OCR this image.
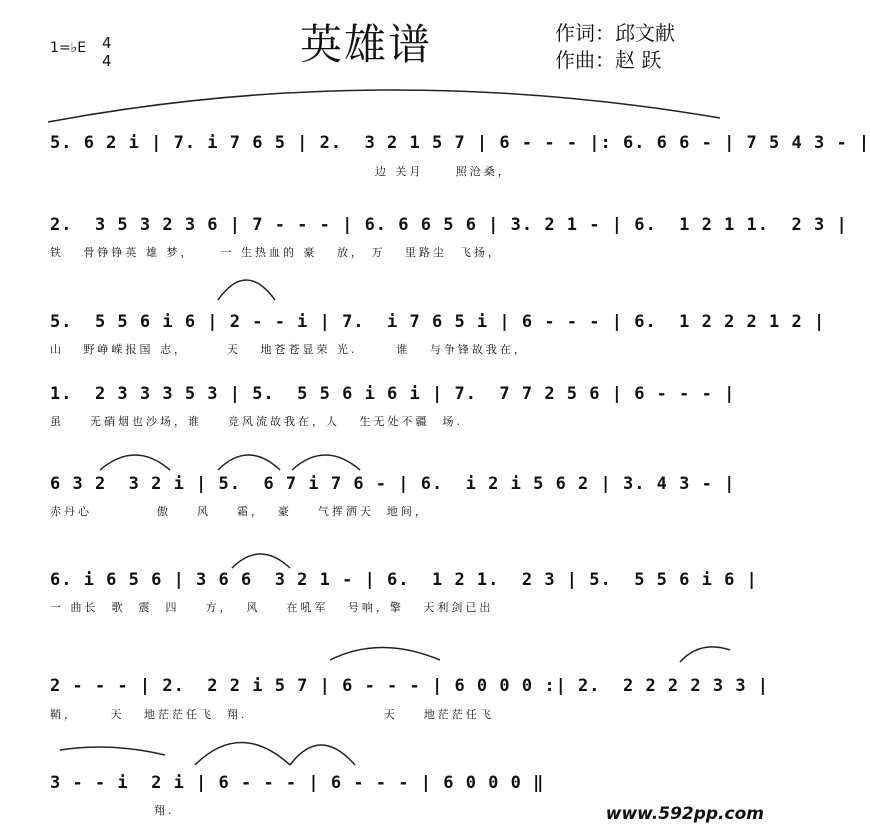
英雄谱	作词：邱文献
作曲：赵 跃
1=♭E 4
4
5. 6 2 i | 7. i 7 6 5 | 2.  3 2 1 5 7 | 6 - - - |: 6. 6 6 - | 7 5 4 3 - |
边 关月     照沧桑，
2.  3 5 3 2 3 6 | 7 - - - | 6. 6 6 5 6 | 3. 2 1 - | 6.  1 2 1 1.  2 3 |
铁   骨铮铮英 雄 梦，    一 生热血的 豪   放， 万   里路尘  飞扬，
5.  5 5 6 i 6 | 2 - - i | 7.  i 7 6 5 i | 6 - - - | 6.  1 2 2 2 1 2 |
山   野峥嵘报国 志，      天   地苍苍显荣 光.      谁   与争锋故我在，
1.  2 3 3 3 5 3 | 5.  5 5 6 i 6 i | 7.  7 7 2 5 6 | 6 - - - |
虽    无硝烟也沙场，谁    竞风流故我在，人   生无处不疆  场.
6 3 2  3 2 i | 5.  6 7 i 7 6 - | 6.  i 2 i 5 6 2 | 3. 4 3 - |
赤丹心          傲    风    霜，  豪    气挥洒天  地间，
6. i 6 5 6 | 3 6 6  3 2 1 - | 6.  1 2 1.  2 3 | 5.  5 5 6 i 6 |
一 曲长  歌  震  四    方，  风    在吼军   号响，擎   天利剑已出
2 - - - | 2.  2 2 i 5 7 | 6 - - - | 6 0 0 0 :| 2.  2 2 2 2 3 3 |
鞘，     天   地茫茫任飞  翔.                     天    地茫茫任飞
3 - - i  2 i | 6 - - - | 6 - - - | 6 0 0 0 ‖
翔.	www.592pp.com
